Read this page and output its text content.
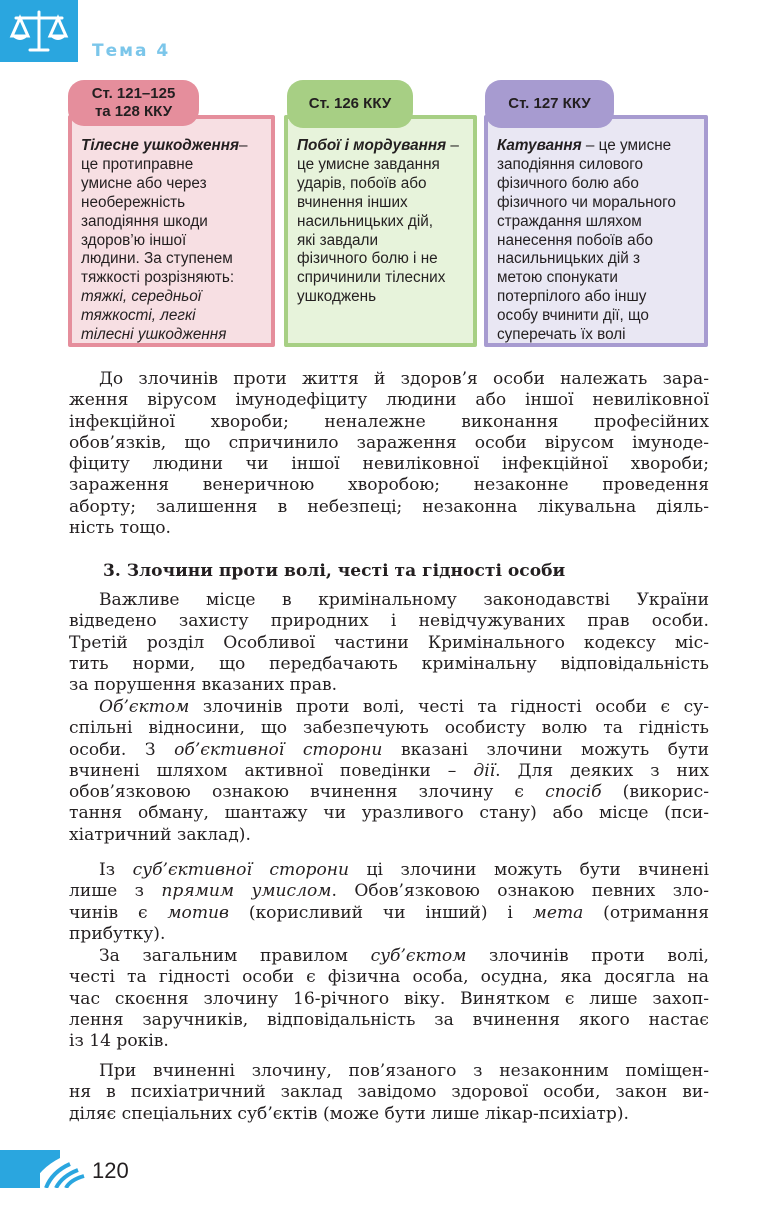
Тема 4

Тілесне ушкодження–
це протиправне
умисне або через
необережність
заподіяння шкоди
здоров’ю іншої
людини. За ступенем
тяжкості розрізняють:
тяжкі, середньої
тяжкості, легкі
тілесні ушкодження

Ст. 121–125
та 128 ККУ

Побої і мордування –
це умисне завдання
ударів, побоїв або
вчинення інших
насильницьких дій,
які завдали
фізичного болю і не
спричинили тілесних
ушкоджень

Ст. 126 ККУ

Катування – це умисне
заподіяння силового
фізичного болю або
фізичного чи морального
страждання шляхом
нанесення побоїв або
насильницьких дій з
метою спонукати
потерпілого або іншу
особу вчинити дії, що
суперечать їх волі

Ст. 127 ККУ
До злочинів проти життя й здоров’я особи належать зара-
ження вірусом імунодефіциту людини або іншої невиліковної
інфекційної хвороби; неналежне виконання професійних
обов’язків, що спричинило зараження особи вірусом імуноде-
фіциту людини чи іншої невиліковної інфекційної хвороби;
зараження венеричною хворобою; незаконне проведення
аборту; залишення в небезпеці; незаконна лікувальна діяль-
ність тощо.
3. Злочини проти волі, честі та гідності особи
Важливе місце в кримінальному законодавстві України
відведено захисту природних і невідчужуваних прав особи.
Третій розділ Особливої частини Кримінального кодексу міс-
тить норми, що передбачають кримінальну відповідальність
за порушення вказаних прав.
Об’єктом злочинів проти волі, честі та гідності особи є су-
спільні відносини, що забезпечують особисту волю та гідність
особи. З об’єктивної сторони вказані злочини можуть бути
вчинені шляхом активної поведінки – дії. Для деяких з них
обов’язковою ознакою вчинення злочину є спосіб (викорис-
тання обману, шантажу чи уразливого стану) або місце (пси-
хіатричний заклад).
Із суб’єктивної сторони ці злочини можуть бути вчинені
лише з прямим умислом. Обов’язковою ознакою певних зло-
чинів є мотив (корисливий чи інший) і мета (отримання
прибутку).
За загальним правилом суб’єктом злочинів проти волі,
честі та гідності особи є фізична особа, осудна, яка досягла на
час скоєння злочину 16-річного віку. Винятком є лише захоп-
лення заручників, відповідальність за вчинення якого настає
із 14 років.
При вчиненні злочину, пов’язаного з незаконним поміщен-
ня в психіатричний заклад завідомо здорової особи, закон ви-
діляє спеціальних суб’єктів (може бути лише лікар-психіатр).
120
